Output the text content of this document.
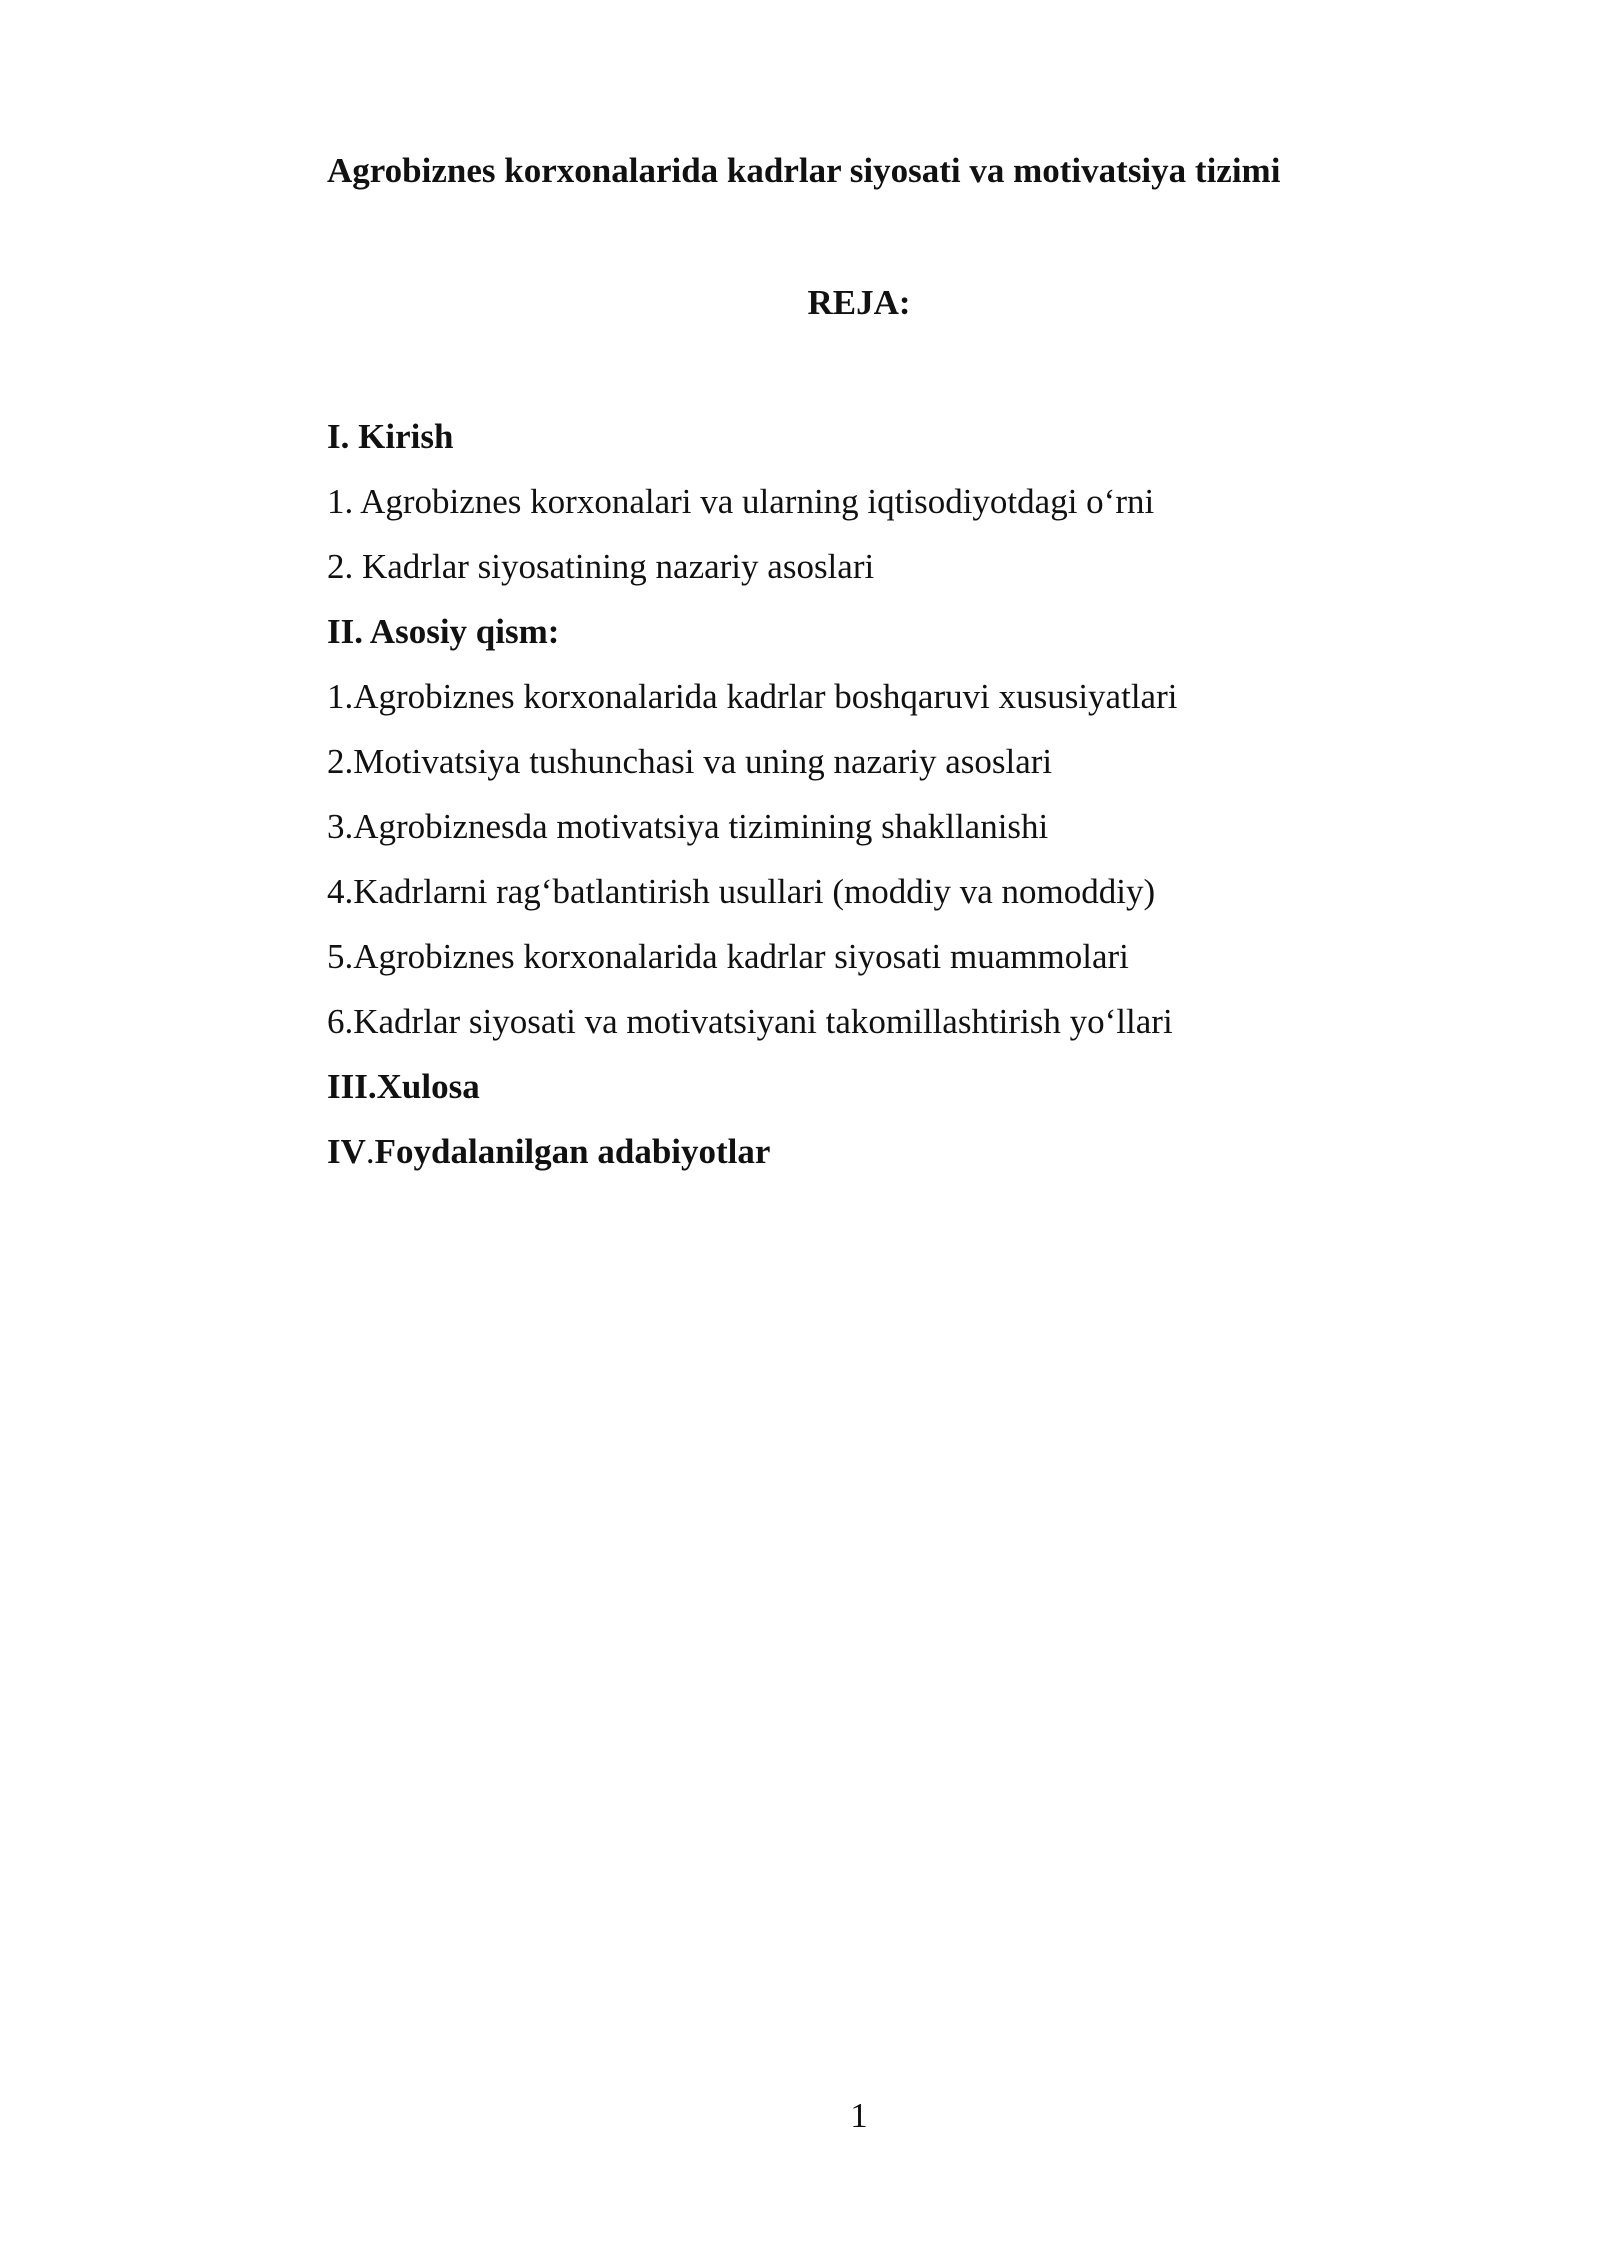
Agrobiznes korxonalarida kadrlar siyosati va motivatsiya tizimi
REJA:
I. Kirish
1. Agrobiznes korxonalari va ularning iqtisodiyotdagi o‘rni
2. Kadrlar siyosatining nazariy asoslari
II. Asosiy qism:
1.Agrobiznes korxonalarida kadrlar boshqaruvi xususiyatlari
2.Motivatsiya tushunchasi va uning nazariy asoslari
3.Agrobiznesda motivatsiya tizimining shakllanishi
4.Kadrlarni rag‘batlantirish usullari (moddiy va nomoddiy)
5.Agrobiznes korxonalarida kadrlar siyosati muammolari
6.Kadrlar siyosati va motivatsiyani takomillashtirish yo‘llari
III.Xulosa
IV.Foydalanilgan adabiyotlar
1
